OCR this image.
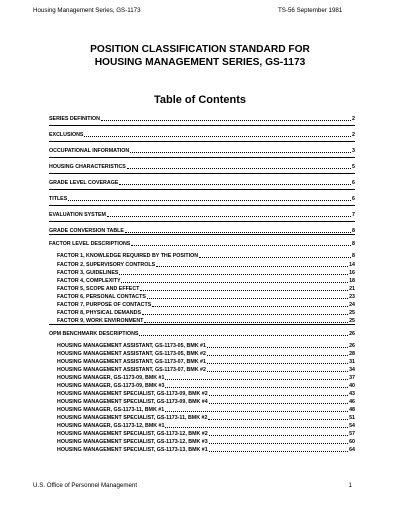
Housing Management Series, GS-1173	TS-56 September 1981
POSITION CLASSIFICATION STANDARD FOR
HOUSING MANAGEMENT SERIES, GS-1173
Table of Contents
SERIES DEFINITION	2
EXCLUSIONS	2
OCCUPATIONAL INFORMATION	3
HOUSING CHARACTERISTICS	5
GRADE LEVEL COVERAGE	6
TITLES	6
EVALUATION SYSTEM	7
GRADE CONVERSION TABLE	8
FACTOR LEVEL DESCRIPTIONS	8
FACTOR 1, KNOWLEDGE REQUIRED BY THE POSITION	8
FACTOR 2, SUPERVISORY CONTROLS	14
FACTOR 3, GUIDELINES	16
FACTOR 4, COMPLEXITY	18
FACTOR 5, SCOPE AND EFFECT	21
FACTOR 6, PERSONAL CONTACTS	23
FACTOR 7, PURPOSE OF CONTACTS	24
FACTOR 8, PHYSICAL DEMANDS	25
FACTOR 9, WORK ENVIRONMENT	25
OPM BENCHMARK DESCRIPTIONS	26
HOUSING MANAGEMENT ASSISTANT, GS-1173-05, BMK #1	26
HOUSING MANAGEMENT ASSISTANT, GS-1173-05, BMK #2	28
HOUSING MANAGEMENT ASSISTANT, GS-1173-07, BMK #1	31
HOUSING MANAGEMENT ASSISTANT, GS-1173-07, BMK #2	34
HOUSING MANAGER, GS-1173-09, BMK #1	37
HOUSING MANAGER, GS-1173-09, BMK #3	40
HOUSING MANAGEMENT SPECIALIST, GS-1173-09, BMK #2	43
HOUSING MANAGEMENT SPECIALIST, GS-1173-09, BMK #4	46
HOUSING MANAGER, GS-1173-11, BMK #1	48
HOUSING MANAGEMENT SPECIALIST, GS-1173-11, BMK #2	51
HOUSING MANAGER, GS-1173-12, BMK #1	54
HOUSING MANAGEMENT SPECIALIST, GS-1173-12, BMK #2	57
HOUSING MANAGEMENT SPECIALIST, GS-1173-12, BMK #3	60
HOUSING MANAGEMENT SPECIALIST, GS-1173-13, BMK #1	64
U.S. Office of Personnel Management	1
